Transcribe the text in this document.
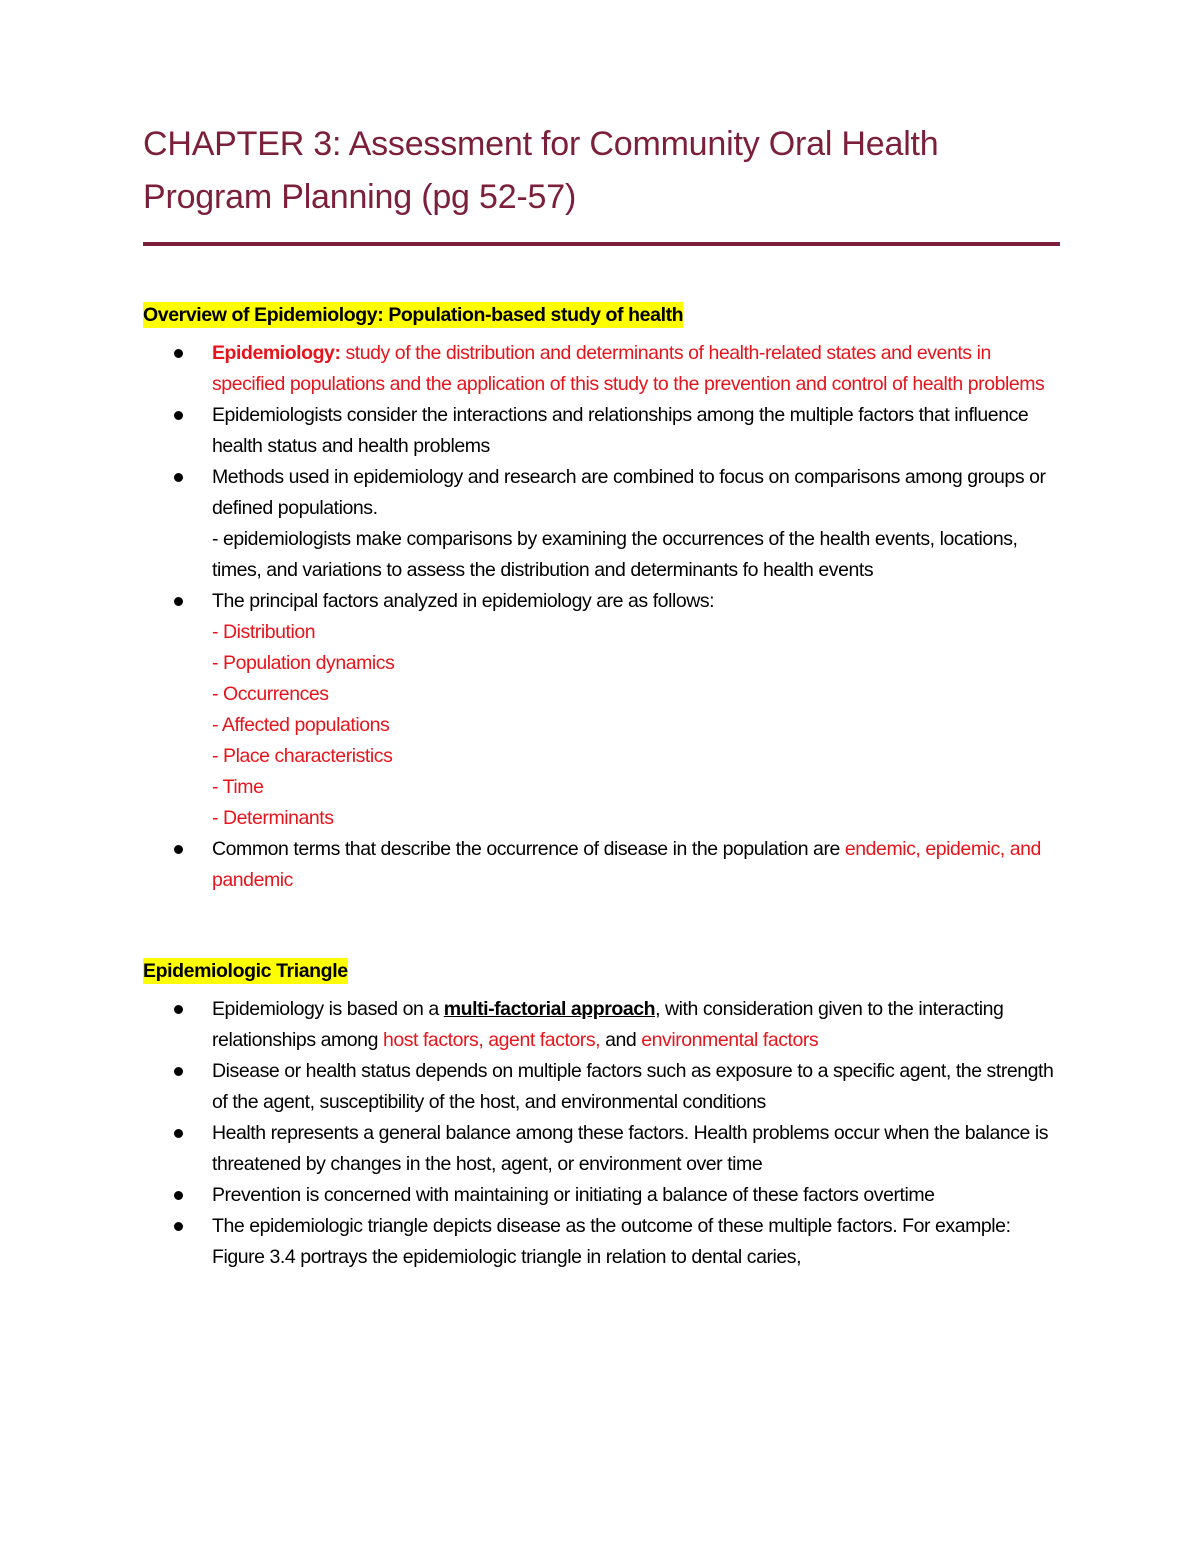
CHAPTER 3: Assessment for Community Oral Health
Program Planning (pg 52-57)
Overview of Epidemiology: Population-based study of health
Epidemiology: study of the distribution and determinants of health-related states and events in specified populations and the application of this study to the prevention and control of health problems
Epidemiologists consider the interactions and relationships among the multiple factors that influence health status and health problems
Methods used in epidemiology and research are combined to focus on comparisons among groups or defined populations.
- epidemiologists make comparisons by examining the occurrences of the health events, locations, times, and variations to assess the distribution and determinants fo health events
The principal factors analyzed in epidemiology are as follows:
- Distribution
- Population dynamics
- Occurrences
- Affected populations
- Place characteristics
- Time
- Determinants
Common terms that describe the occurrence of disease in the population are endemic, epidemic, and pandemic
Epidemiologic Triangle
Epidemiology is based on a multi-factorial approach, with consideration given to the interacting relationships among host factors, agent factors, and environmental factors
Disease or health status depends on multiple factors such as exposure to a specific agent, the strength of the agent, susceptibility of the host, and environmental conditions
Health represents a general balance among these factors. Health problems occur when the balance is threatened by changes in the host, agent, or environment over time
Prevention is concerned with maintaining or initiating a balance of these factors overtime
The epidemiologic triangle depicts disease as the outcome of these multiple factors. For example: Figure 3.4 portrays the epidemiologic triangle in relation to dental caries,
